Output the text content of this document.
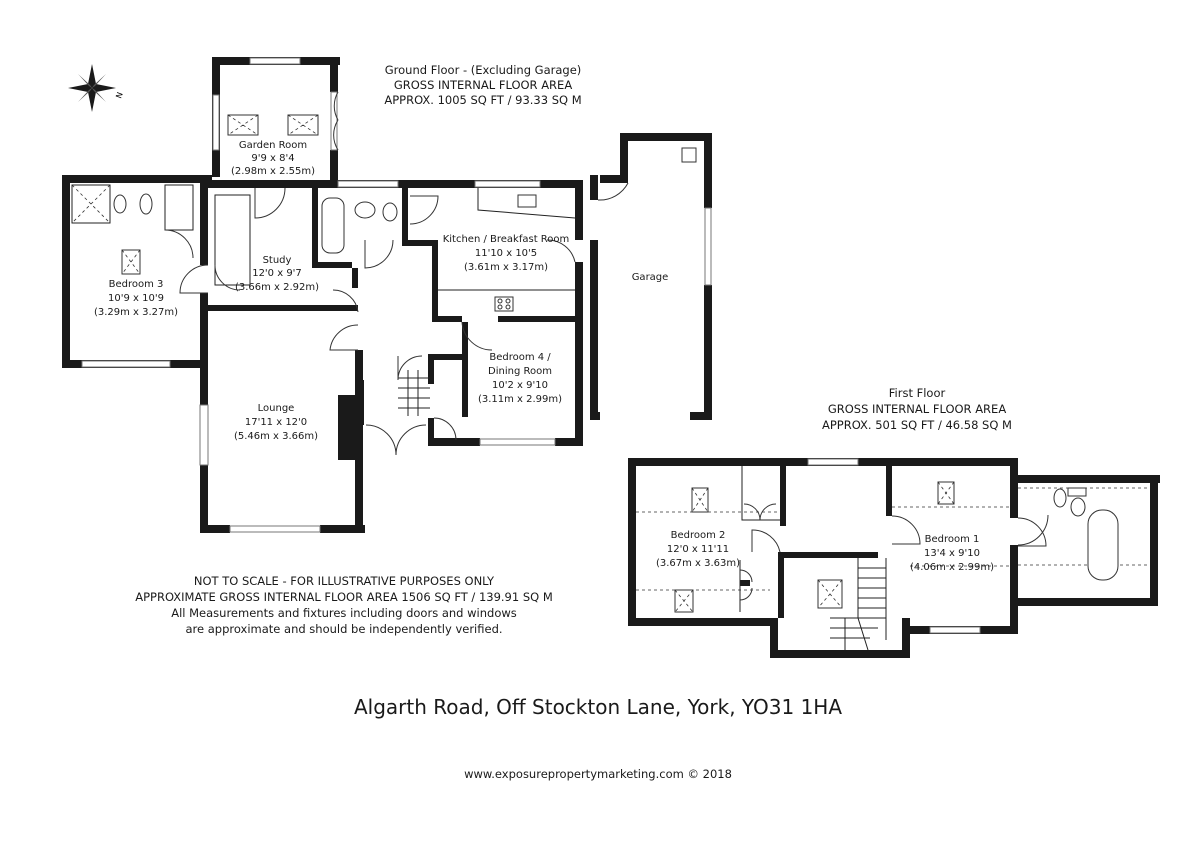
N
Ground Floor - (Excluding Garage)
GROSS INTERNAL FLOOR AREA
APPROX. 1005 SQ FT / 93.33 SQ M
Garden Room
9'9 x 8'4
(2.98m x 2.55m)
Bedroom 3
10'9 x 10'9
(3.29m x 3.27m)
Study
12'0 x 9'7
(3.66m x 2.92m)
Kitchen / Breakfast Room
11'10 x 10'5
(3.61m x 3.17m)
Garage
Bedroom 4 /
Dining Room
10'2 x 9'10
(3.11m x 2.99m)
Lounge
17'11 x 12'0
(5.46m x 3.66m)
First Floor
GROSS INTERNAL FLOOR AREA
APPROX. 501 SQ FT / 46.58 SQ M
Bedroom 2
12'0 x 11'11
(3.67m x 3.63m)
Bedroom 1
13'4 x 9'10
(4.06m x 2.99m)
NOT TO SCALE - FOR ILLUSTRATIVE PURPOSES ONLY
APPROXIMATE GROSS INTERNAL FLOOR AREA 1506 SQ FT / 139.91 SQ M
All Measurements and fixtures including doors and windows
are approximate and should be independently verified.
Algarth Road, Off Stockton Lane, York, YO31 1HA
www.exposurepropertymarketing.com © 2018
